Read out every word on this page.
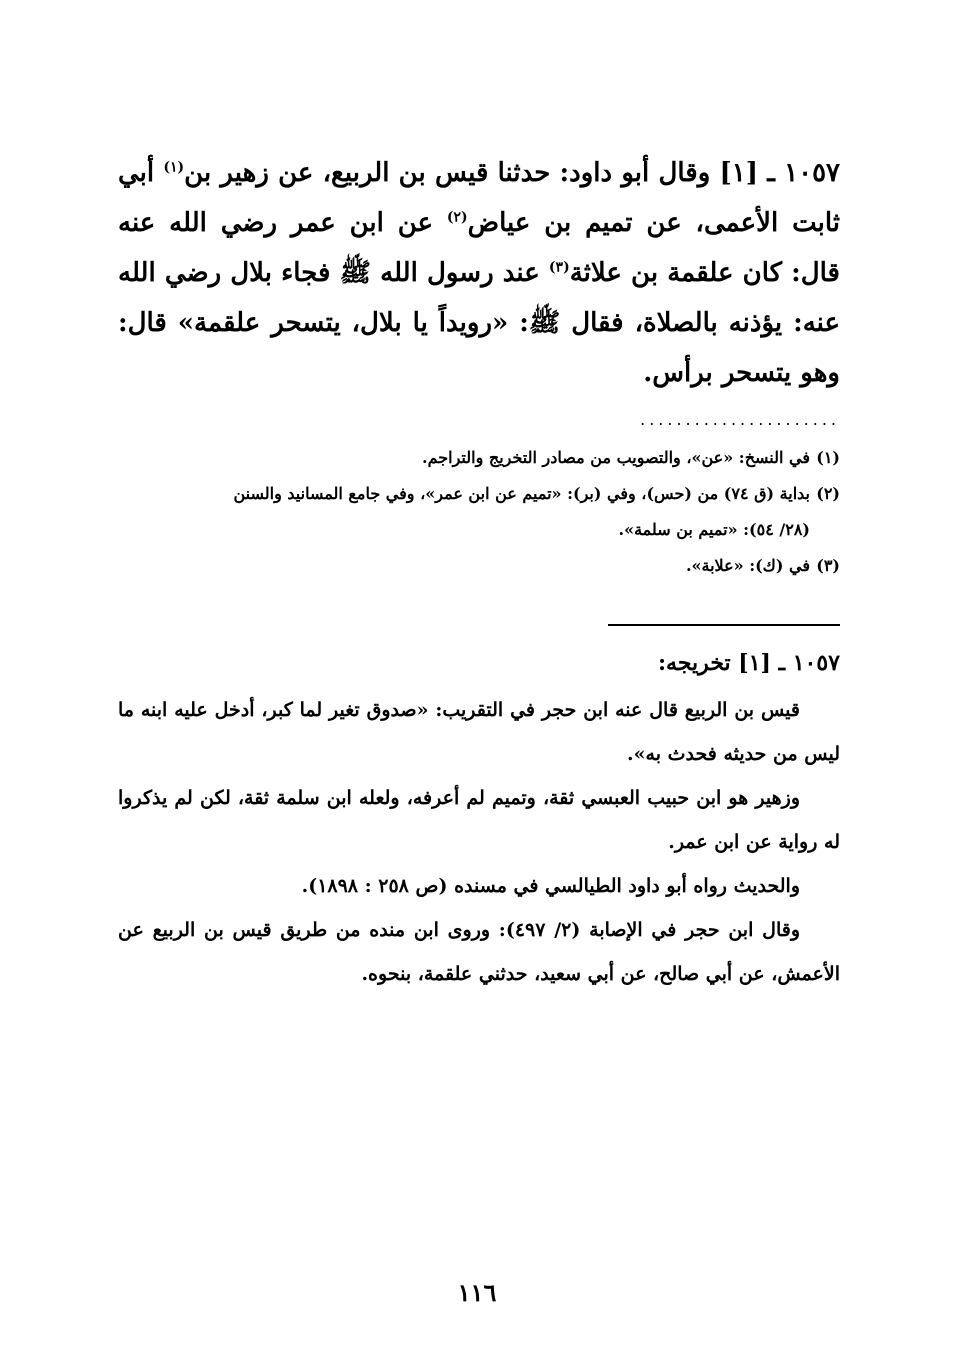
١٠٥٧ ـ [١] وقال أبو داود: حدثنا قيس بن الربيع، عن زهير بن$^{(١)}$ أبي ثابت الأعمى، عن تميم بن عياض$^{(٢)}$ عن ابن عمر رضي الله عنه قال: كان علقمة بن علاثة$^{(٣)}$ عند رسول الله ﷺ فجاء بلال رضي الله عنه: يؤذنه بالصلاة، فقال ﷺ: «رويداً يا بلال، يتسحر علقمة» قال: وهو يتسحر برأس.

......................

(١)في النسخ: «عن»، والتصويب من مصادر التخريج والتراجم.

(٢)بداية (ق ٧٤) من (حس)، وفي (بر): «تميم عن ابن عمر»، وفي جامع المسانيد والسنن

(٢٨/ ٥٤): «تميم بن سلمة».

(٣)في (ك): «علابة».

١٠٥٧ ـ [١] تخريجه:

قيس بن الربيع قال عنه ابن حجر في التقريب: «صدوق تغير لما كبر، أدخل عليه ابنه ما ليس من حديثه فحدث به».

وزهير هو ابن حبيب العبسي ثقة، وتميم لم أعرفه، ولعله ابن سلمة ثقة، لكن لم يذكروا له رواية عن ابن عمر.

والحديث رواه أبو داود الطيالسي في مسنده (ص ٢٥٨ : ١٨٩٨).

وقال ابن حجر في الإصابة (٢/ ٤٩٧): وروى ابن منده من طريق قيس بن الربيع عن الأعمش، عن أبي صالح، عن أبي سعيد، حدثني علقمة، بنحوه.

١١٦
